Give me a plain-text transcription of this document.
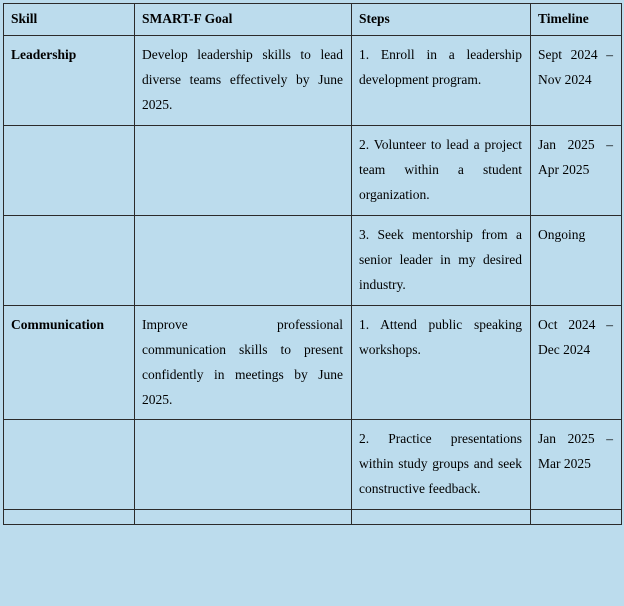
Skill	SMART-F Goal	Steps	Timeline
Leadership	Develop leadership skills to lead diverse teams effectively by June 2025.	1. Enroll in a leadership development program.	Sept 2024 – Nov 2024
		2. Volunteer to lead a project team within a student organization.	Jan 2025 – Apr 2025
		3. Seek mentorship from a senior leader in my desired industry.	Ongoing
Communication	Improve professional communication skills to present confidently in meetings by June 2025.	1. Attend public speaking workshops.	Oct 2024 – Dec 2024
		2. Practice presentations within study groups and seek constructive feedback.	Jan 2025 – Mar 2025
